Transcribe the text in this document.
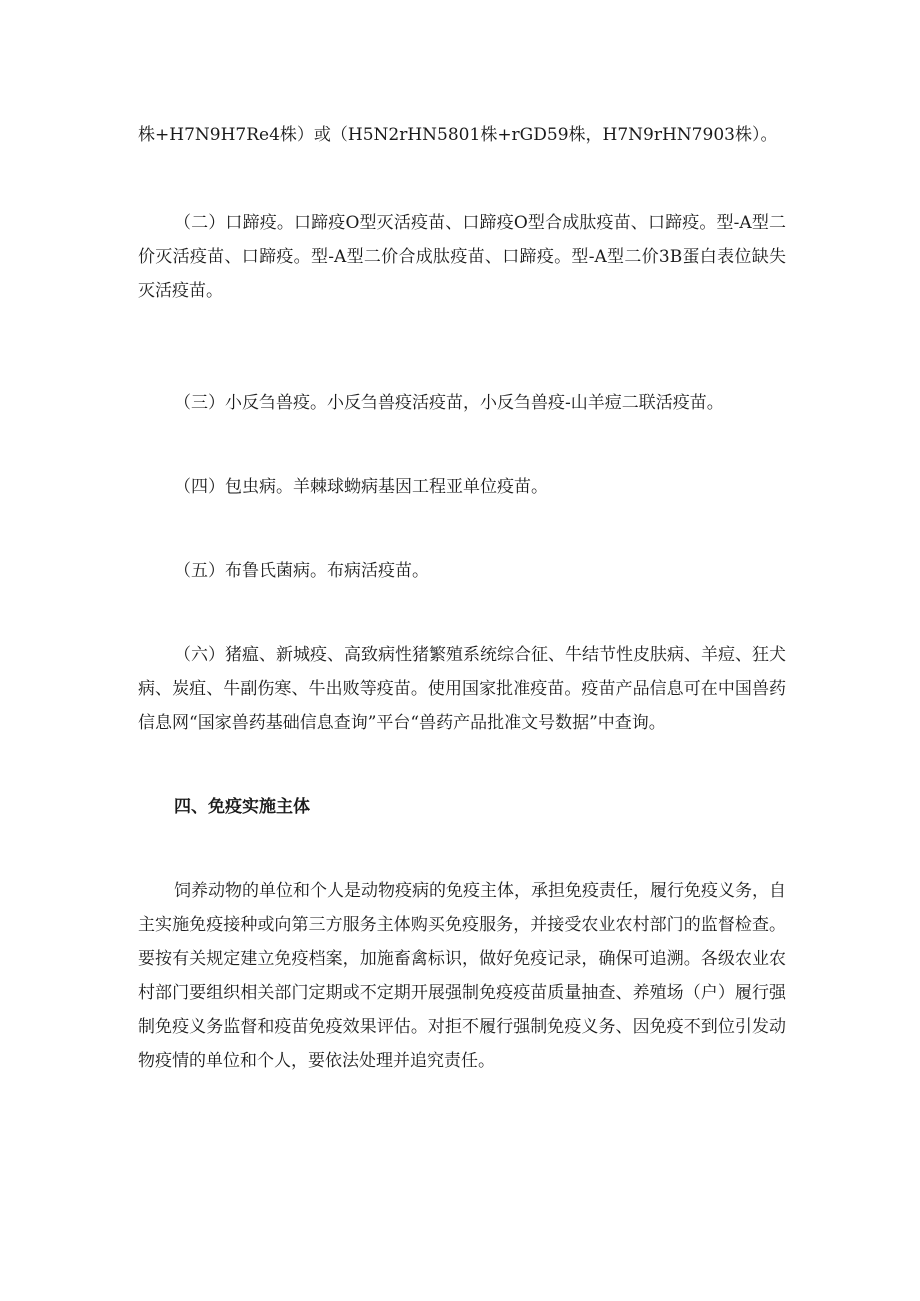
株+H7N9H7Re4株）或（H5N2rHN5801株+rGD59株，H7N9rHN7903株）。

（二）口蹄疫。口蹄疫O型灭活疫苗、口蹄疫O型合成肽疫苗、口蹄疫。型-A型二价灭活疫苗、口蹄疫。型-A型二价合成肽疫苗、口蹄疫。型-A型二价3B蛋白表位缺失灭活疫苗。

（三）小反刍兽疫。小反刍兽疫活疫苗，小反刍兽疫-山羊痘二联活疫苗。

（四）包虫病。羊棘球蚴病基因工程亚单位疫苗。

（五）布鲁氏菌病。布病活疫苗。

（六）猪瘟、新城疫、高致病性猪繁殖系统综合征、牛结节性皮肤病、羊痘、狂犬病、炭疽、牛副伤寒、牛出败等疫苗。使用国家批准疫苗。疫苗产品信息可在中国兽药信息网“国家兽药基础信息查询”平台“兽药产品批准文号数据”中查询。

四、免疫实施主体

饲养动物的单位和个人是动物疫病的免疫主体，承担免疫责任，履行免疫义务，自主实施免疫接种或向第三方服务主体购买免疫服务，并接受农业农村部门的监督检查。要按有关规定建立免疫档案，加施畜禽标识，做好免疫记录，确保可追溯。各级农业农村部门要组织相关部门定期或不定期开展强制免疫疫苗质量抽查、养殖场（户）履行强制免疫义务监督和疫苗免疫效果评估。对拒不履行强制免疫义务、因免疫不到位引发动物疫情的单位和个人，要依法处理并追究责任。
